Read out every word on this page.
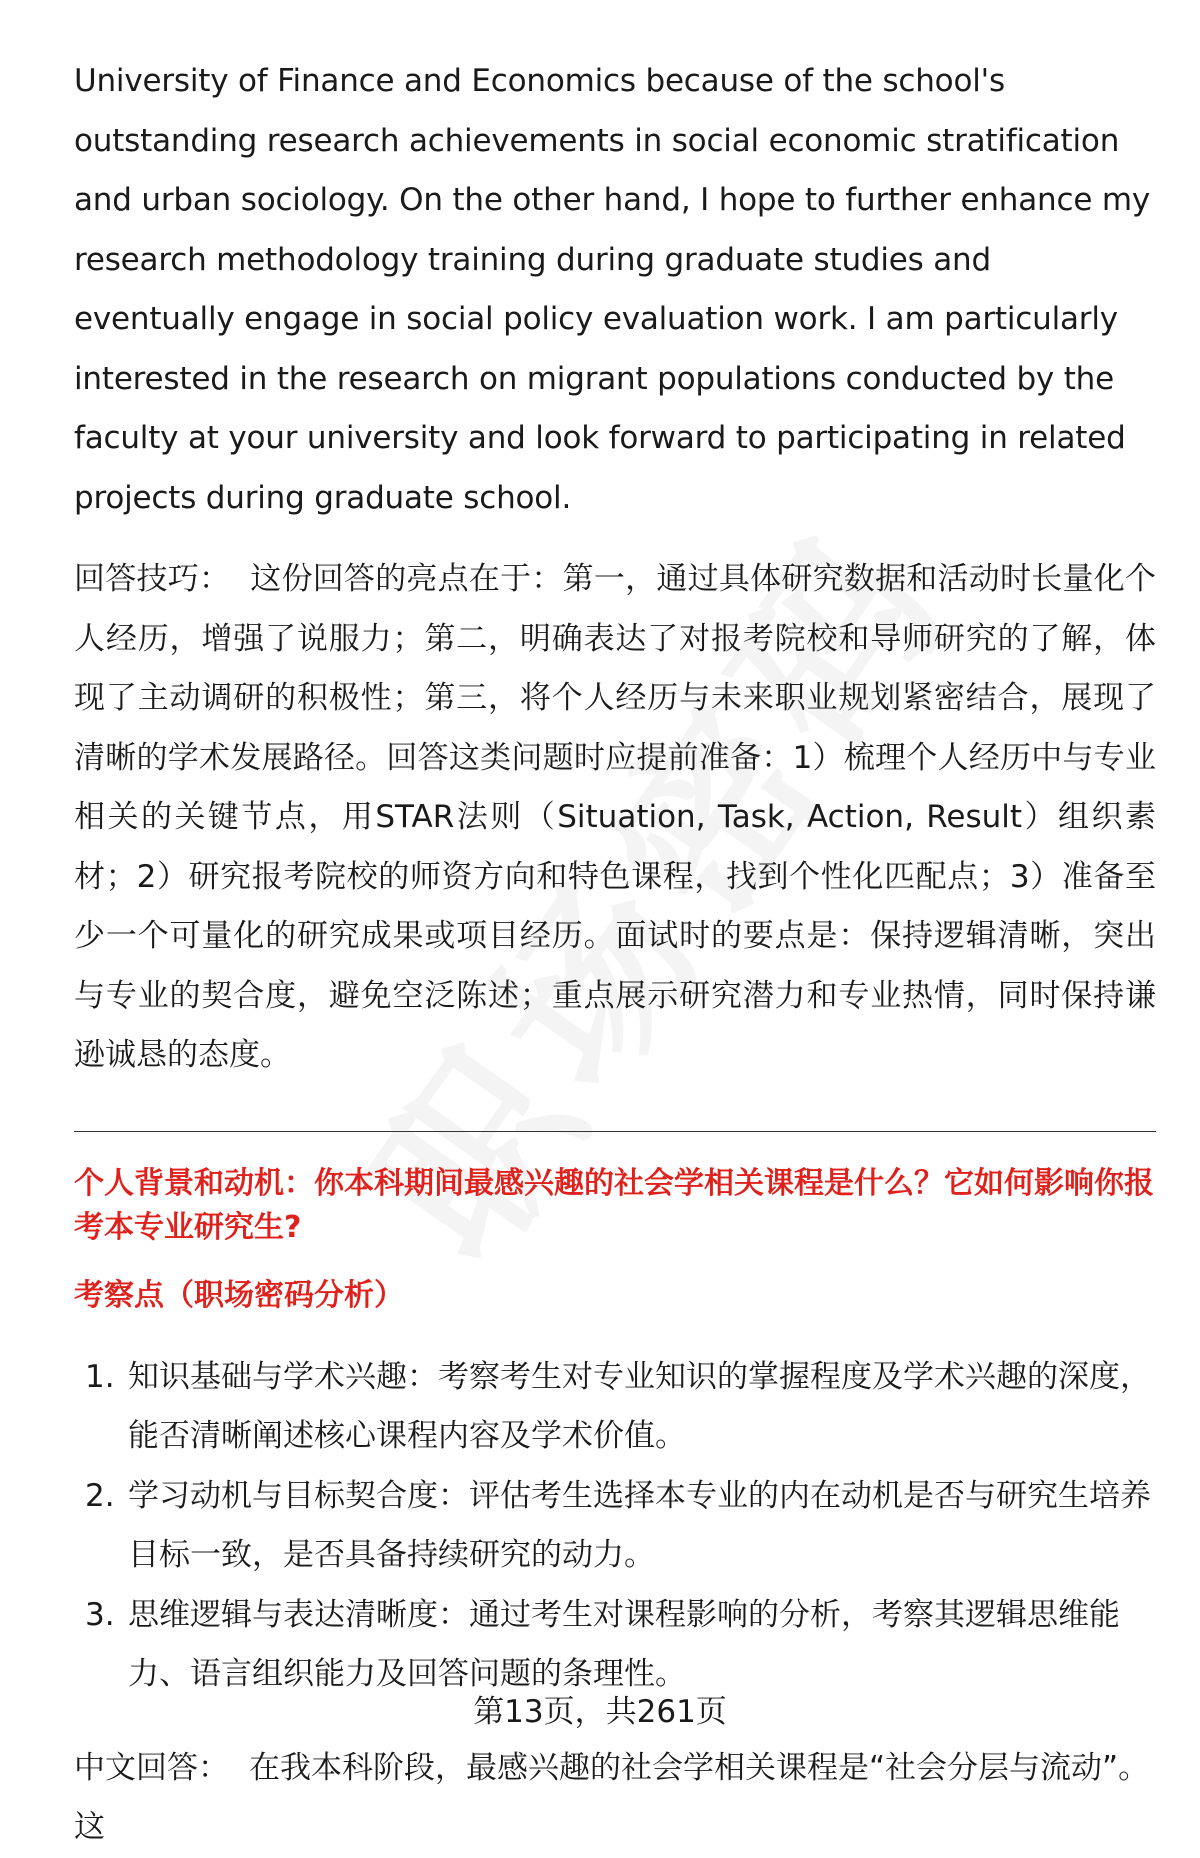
University of Finance and Economics because of the school's outstanding research achievements in social economic stratification and urban sociology. On the other hand, I hope to further enhance my research methodology training during graduate studies and eventually engage in social policy evaluation work. I am particularly interested in the research on migrant populations conducted by the faculty at your university and look forward to participating in related projects during graduate school.

回答技巧： 这份回答的亮点在于：第一，通过具体研究数据和活动时长量化个人经历，增强了说服力；第二，明确表达了对报考院校和导师研究的了解，体现了主动调研的积极性；第三，将个人经历与未来职业规划紧密结合，展现了清晰的学术发展路径。回答这类问题时应提前准备：1）梳理个人经历中与专业相关的关键节点，用STAR法则（Situation, Task, Action, Result）组织素材；2）研究报考院校的师资方向和特色课程，找到个性化匹配点；3）准备至少一个可量化的研究成果或项目经历。面试时的要点是：保持逻辑清晰，突出与专业的契合度，避免空泛陈述；重点展示研究潜力和专业热情，同时保持谦逊诚恳的态度。

个人背景和动机：你本科期间最感兴趣的社会学相关课程是什么？它如何影响你报考本专业研究生?
考察点（职场密码分析）
1. 知识基础与学术兴趣：考察考生对专业知识的掌握程度及学术兴趣的深度，能否清晰阐述核心课程内容及学术价值。
2. 学习动机与目标契合度：评估考生选择本专业的内在动机是否与研究生培养目标一致，是否具备持续研究的动力。
3. 思维逻辑与表达清晰度：通过考生对课程影响的分析，考察其逻辑思维能力、语言组织能力及回答问题的条理性。

中文回答： 在我本科阶段，最感兴趣的社会学相关课程是“社会分层与流动”。这

第13页，共261页
